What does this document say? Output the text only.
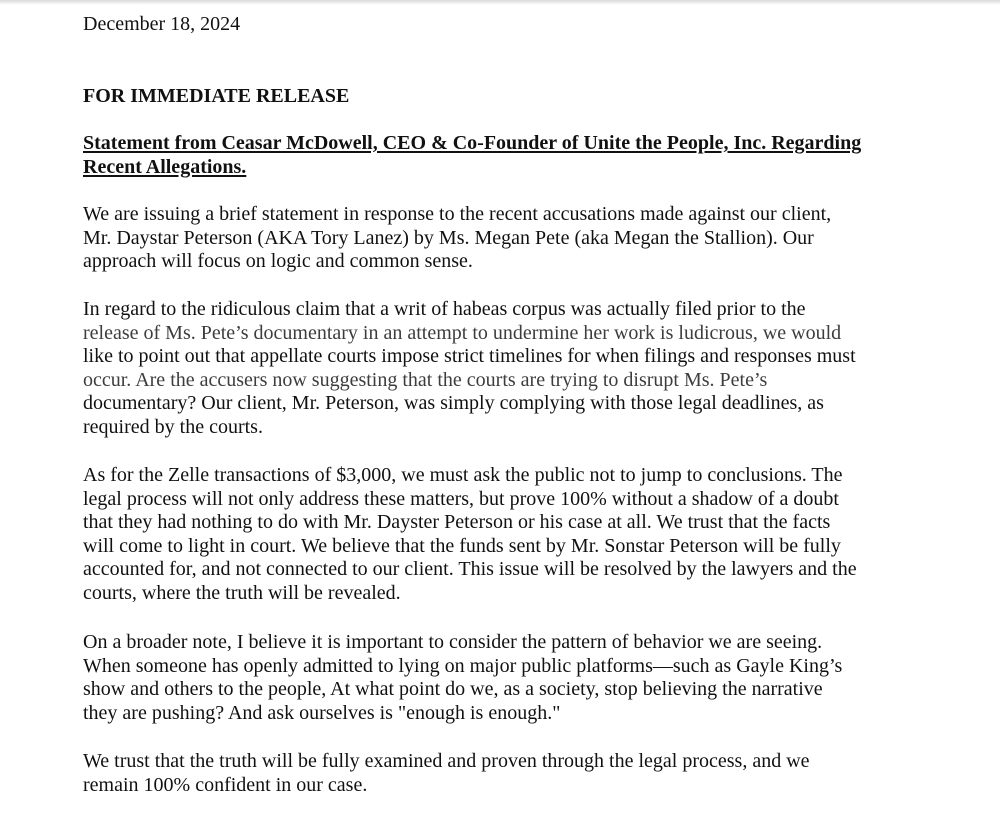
December 18, 2024
FOR IMMEDIATE RELEASE
Statement from Ceasar McDowell, CEO & Co-Founder of Unite the People, Inc. Regarding
Recent Allegations.
We are issuing a brief statement in response to the recent accusations made against our client,
Mr. Daystar Peterson (AKA Tory Lanez) by Ms. Megan Pete (aka Megan the Stallion). Our
approach will focus on logic and common sense.
In regard to the ridiculous claim that a writ of habeas corpus was actually filed prior to the
release of Ms. Pete’s documentary in an attempt to undermine her work is ludicrous, we would
like to point out that appellate courts impose strict timelines for when filings and responses must
occur. Are the accusers now suggesting that the courts are trying to disrupt Ms. Pete’s
documentary? Our client, Mr. Peterson, was simply complying with those legal deadlines, as
required by the courts.
As for the Zelle transactions of $3,000, we must ask the public not to jump to conclusions. The
legal process will not only address these matters, but prove 100% without a shadow of a doubt
that they had nothing to do with Mr. Dayster Peterson or his case at all. We trust that the facts
will come to light in court. We believe that the funds sent by Mr. Sonstar Peterson will be fully
accounted for, and not connected to our client. This issue will be resolved by the lawyers and the
courts, where the truth will be revealed.
On a broader note, I believe it is important to consider the pattern of behavior we are seeing.
When someone has openly admitted to lying on major public platforms—such as Gayle King’s
show and others to the people, At what point do we, as a society, stop believing the narrative
they are pushing? And ask ourselves is "enough is enough."
We trust that the truth will be fully examined and proven through the legal process, and we
remain 100% confident in our case.
